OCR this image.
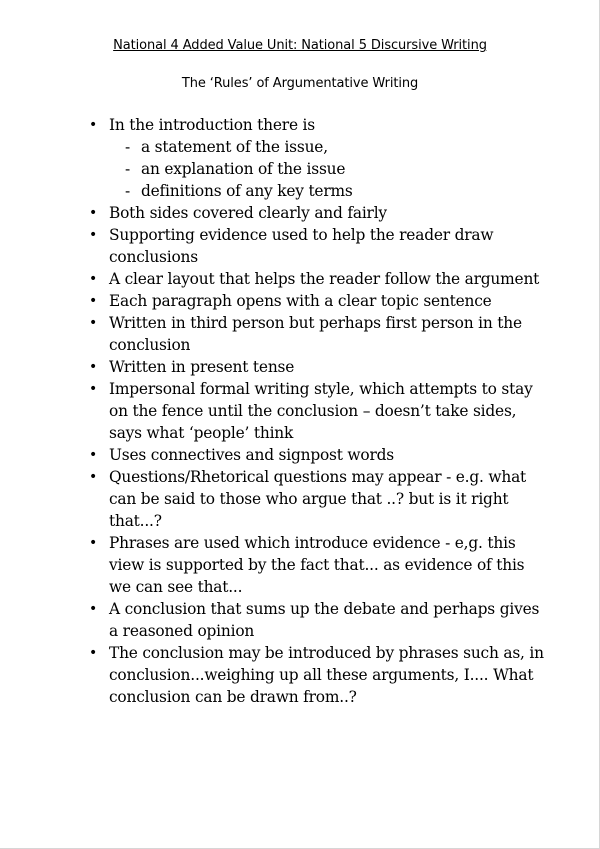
National 4 Added Value Unit: National 5 Discursive Writing
The ‘Rules’ of Argumentative Writing
• In the introduction there is
- a statement of the issue,
- an explanation of the issue
- definitions of any key terms
• Both sides covered clearly and fairly
• Supporting evidence used to help the reader draw conclusions
• A clear layout that helps the reader follow the argument
• Each paragraph opens with a clear topic sentence
• Written in third person but perhaps first person in the conclusion
• Written in present tense
• Impersonal formal writing style, which attempts to stay on the fence until the conclusion – doesn’t take sides, says what ‘people’ think
• Uses connectives and signpost words
• Questions/Rhetorical questions may appear - e.g. what can be said to those who argue that ..? but is it right that...?
• Phrases are used which introduce evidence - e,g. this view is supported by the fact that... as evidence of this we can see that...
• A conclusion that sums up the debate and perhaps gives a reasoned opinion
• The conclusion may be introduced by phrases such as, in conclusion...weighing up all these arguments, I.... What conclusion can be drawn from..?
